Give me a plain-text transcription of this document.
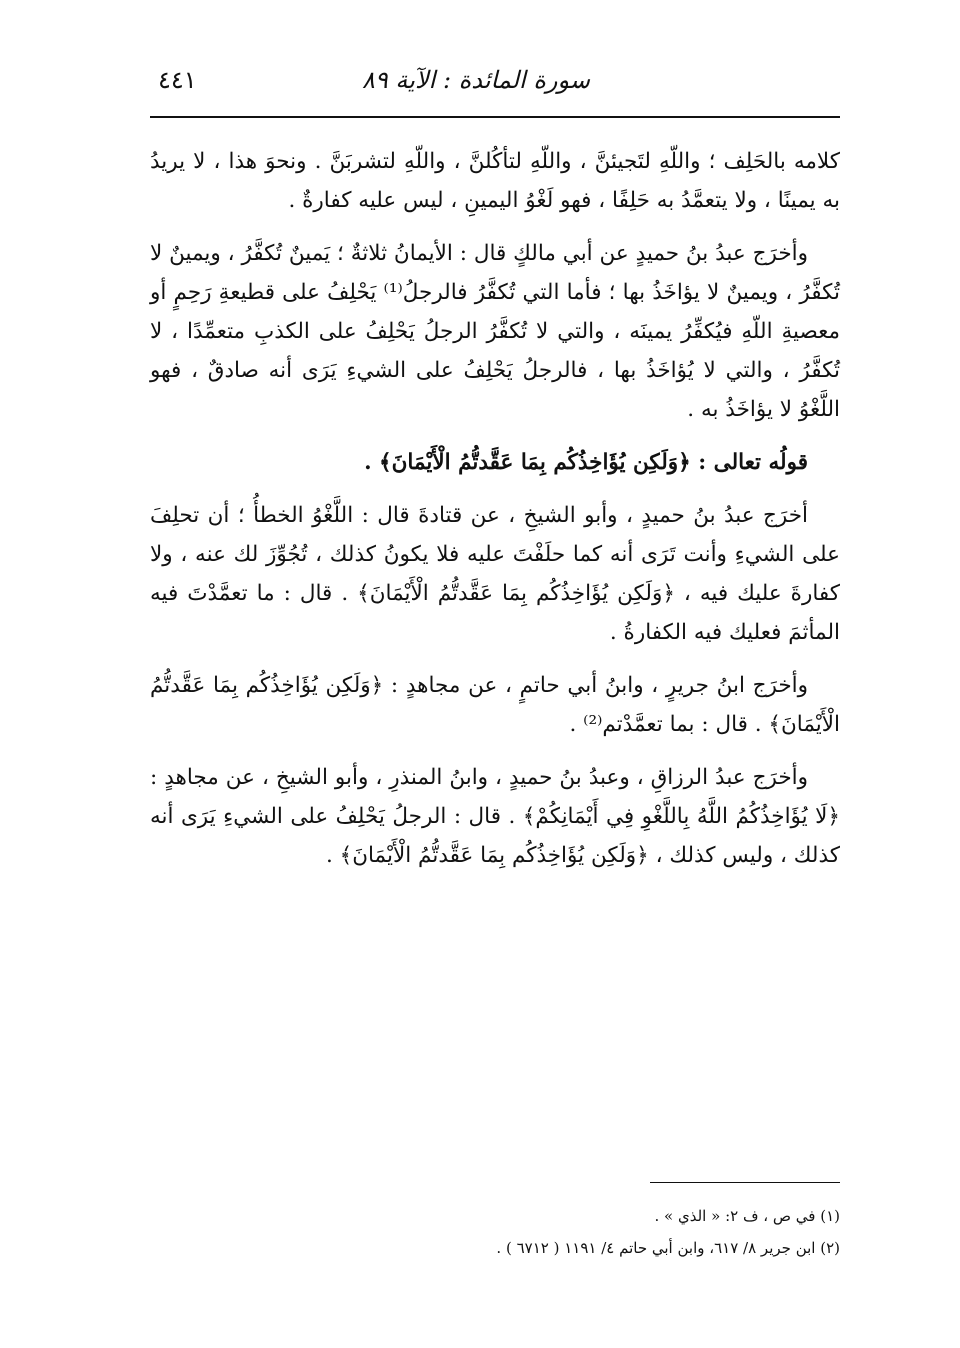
سورة المائدة : الآية ٨٩
٤٤١

كلامه بالحَلِف ؛ واللّهِ لتَجيئنَّ ، واللّهِ لتأكُلنَّ ، واللّهِ لتشربَنَّ . ونحوَ هذا ، لا يريدُ به يمينًا ، ولا يتعمَّدُ به حَلِفًا ، فهو لَغْوُ اليمينِ ، ليس عليه كفارةٌ .

وأخرَج عبدُ بنُ حميدٍ عن أبي مالكٍ قال : الأيمانُ ثلاثةٌ ؛ يَمينٌ تُكفَّرُ ، ويمينٌ لا تُكفَّرُ ، ويمينٌ لا يؤاخَذُ بها ؛ فأما التي تُكفَّرُ فالرجلُ⁽¹⁾ يَحْلِفُ على قطيعةِ رَحِمٍ أو معصيةِ اللّهِ فيُكفِّرُ يمينَه ، والتي لا تُكفَّرُ الرجلُ يَحْلِفُ على الكذبِ متعمِّدًا ، لا تُكفَّرُ ، والتي لا يُؤاخَذُ بها ، فالرجلُ يَحْلِفُ على الشيءِ يَرَى أنه صادقٌ ، فهو اللَّغْوُ لا يؤاخَذُ به .

قولُه تعالى : ﴿وَلَكِن يُؤَاخِذُكُم بِمَا عَقَّدتُّمُ الْأَيْمَانَ﴾ .

أخرَج عبدُ بنُ حميدٍ ، وأبو الشيخِ ، عن قتادةَ قال : اللَّغْوُ الخطأُ ؛ أن تحلِفَ على الشيءِ وأنت تَرَى أنه كما حلَفْتَ عليه فلا يكونُ كذلك ، تُجُوِّزَ لك عنه ، ولا كفارةَ عليك فيه ، ﴿وَلَكِن يُؤَاخِذُكُم بِمَا عَقَّدتُّمُ الْأَيْمَانَ﴾ . قال : ما تعمَّدْتَ فيه المأثمَ فعليك فيه الكفارةُ .

وأخرَج ابنُ جريرٍ ، وابنُ أبي حاتمٍ ، عن مجاهدٍ : ﴿وَلَكِن يُؤَاخِذُكُم بِمَا عَقَّدتُّمُ الْأَيْمَانَ﴾ . قال : بما تعمَّدْتم⁽²⁾ .

وأخرَج عبدُ الرزاقِ ، وعبدُ بنُ حميدٍ ، وابنُ المنذرِ ، وأبو الشيخِ ، عن مجاهدٍ : ﴿لَا يُؤَاخِذُكُمُ اللَّهُ بِاللَّغْوِ فِي أَيْمَانِكُمْ﴾ . قال : الرجلُ يَحْلِفُ على الشيءِ يَرَى أنه كذلك ، وليس كذلك ، ﴿وَلَكِن يُؤَاخِذُكُم بِمَا عَقَّدتُّمُ الْأَيْمَانَ﴾ .

(١) في ص ، ف ٢: « الذي » .

(٢) ابن جرير ٨/ ٦١٧، وابن أبي حاتم ٤/ ١١٩١ ( ٦٧١٢ ) .
